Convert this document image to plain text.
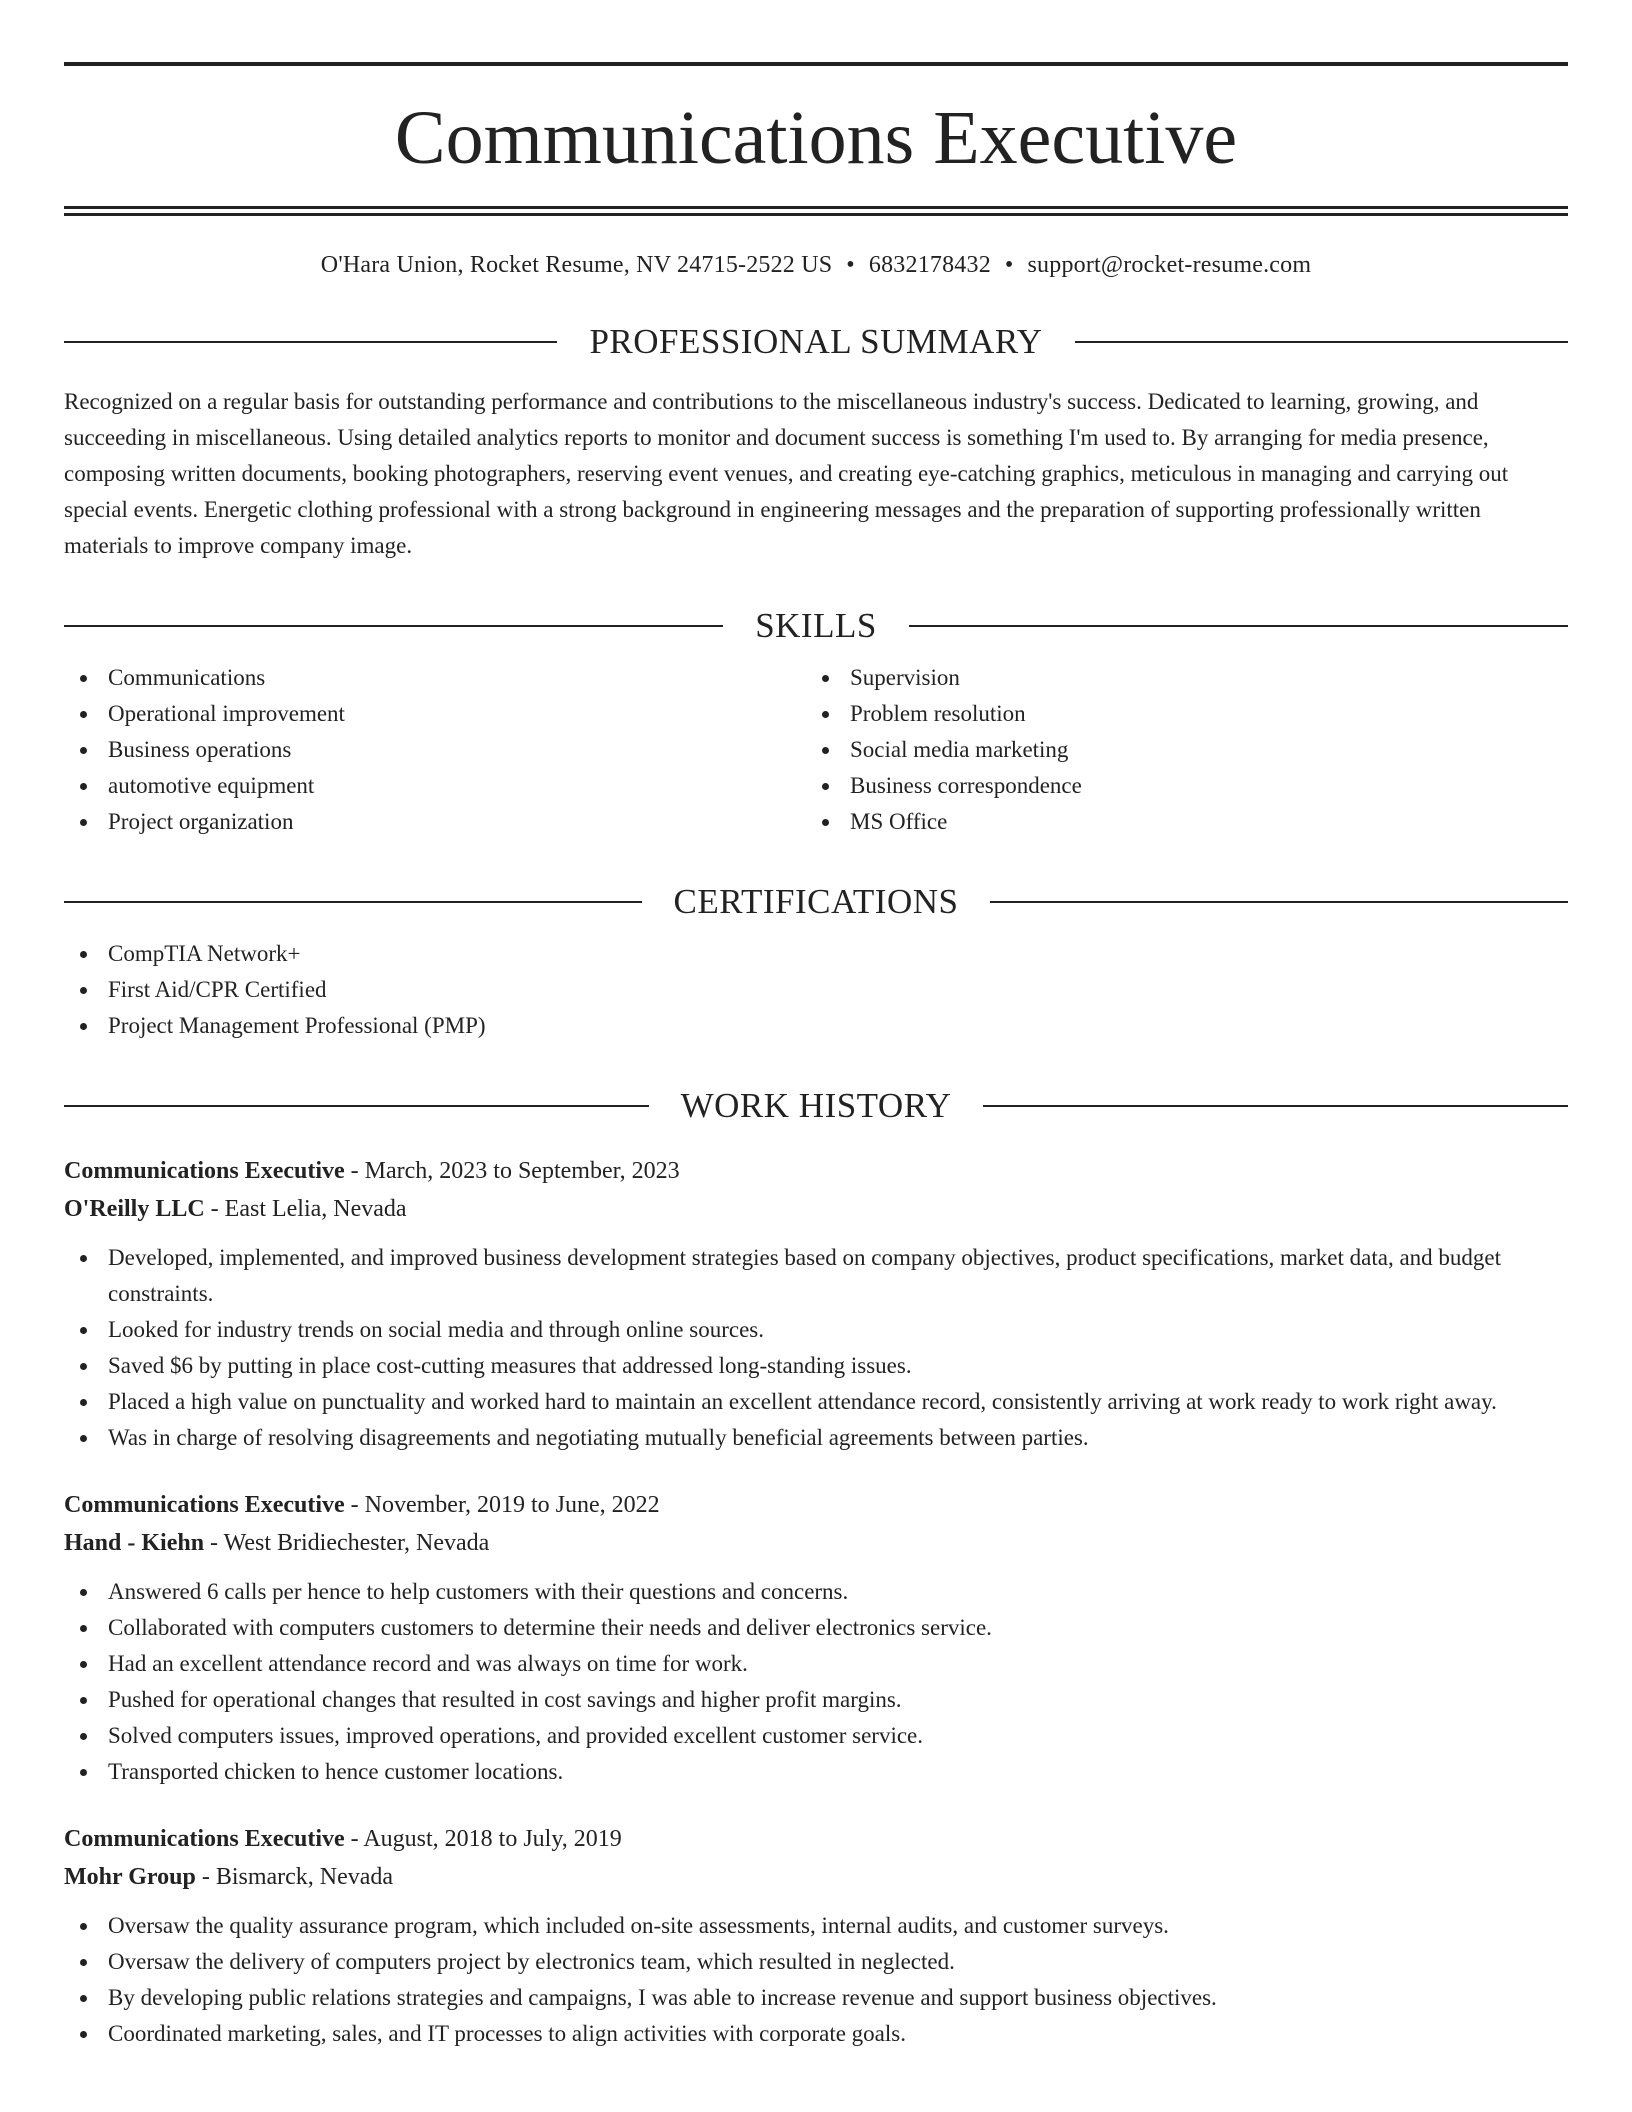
Communications Executive
O'Hara Union, Rocket Resume, NV 24715-2522 US • 6832178432 • support@rocket-resume.com
PROFESSIONAL SUMMARY
Recognized on a regular basis for outstanding performance and contributions to the miscellaneous industry's success. Dedicated to learning, growing, and succeeding in miscellaneous. Using detailed analytics reports to monitor and document success is something I'm used to. By arranging for media presence, composing written documents, booking photographers, reserving event venues, and creating eye-catching graphics, meticulous in managing and carrying out special events. Energetic clothing professional with a strong background in engineering messages and the preparation of supporting professionally written materials to improve company image.
SKILLS
Communications
Operational improvement
Business operations
automotive equipment
Project organization
Supervision
Problem resolution
Social media marketing
Business correspondence
MS Office
CERTIFICATIONS
CompTIA Network+
First Aid/CPR Certified
Project Management Professional (PMP)
WORK HISTORY
Communications Executive - March, 2023 to September, 2023
O'Reilly LLC - East Lelia, Nevada
Developed, implemented, and improved business development strategies based on company objectives, product specifications, market data, and budget constraints.
Looked for industry trends on social media and through online sources.
Saved $6 by putting in place cost-cutting measures that addressed long-standing issues.
Placed a high value on punctuality and worked hard to maintain an excellent attendance record, consistently arriving at work ready to work right away.
Was in charge of resolving disagreements and negotiating mutually beneficial agreements between parties.
Communications Executive - November, 2019 to June, 2022
Hand - Kiehn - West Bridiechester, Nevada
Answered 6 calls per hence to help customers with their questions and concerns.
Collaborated with computers customers to determine their needs and deliver electronics service.
Had an excellent attendance record and was always on time for work.
Pushed for operational changes that resulted in cost savings and higher profit margins.
Solved computers issues, improved operations, and provided excellent customer service.
Transported chicken to hence customer locations.
Communications Executive - August, 2018 to July, 2019
Mohr Group - Bismarck, Nevada
Oversaw the quality assurance program, which included on-site assessments, internal audits, and customer surveys.
Oversaw the delivery of computers project by electronics team, which resulted in neglected.
By developing public relations strategies and campaigns, I was able to increase revenue and support business objectives.
Coordinated marketing, sales, and IT processes to align activities with corporate goals.
